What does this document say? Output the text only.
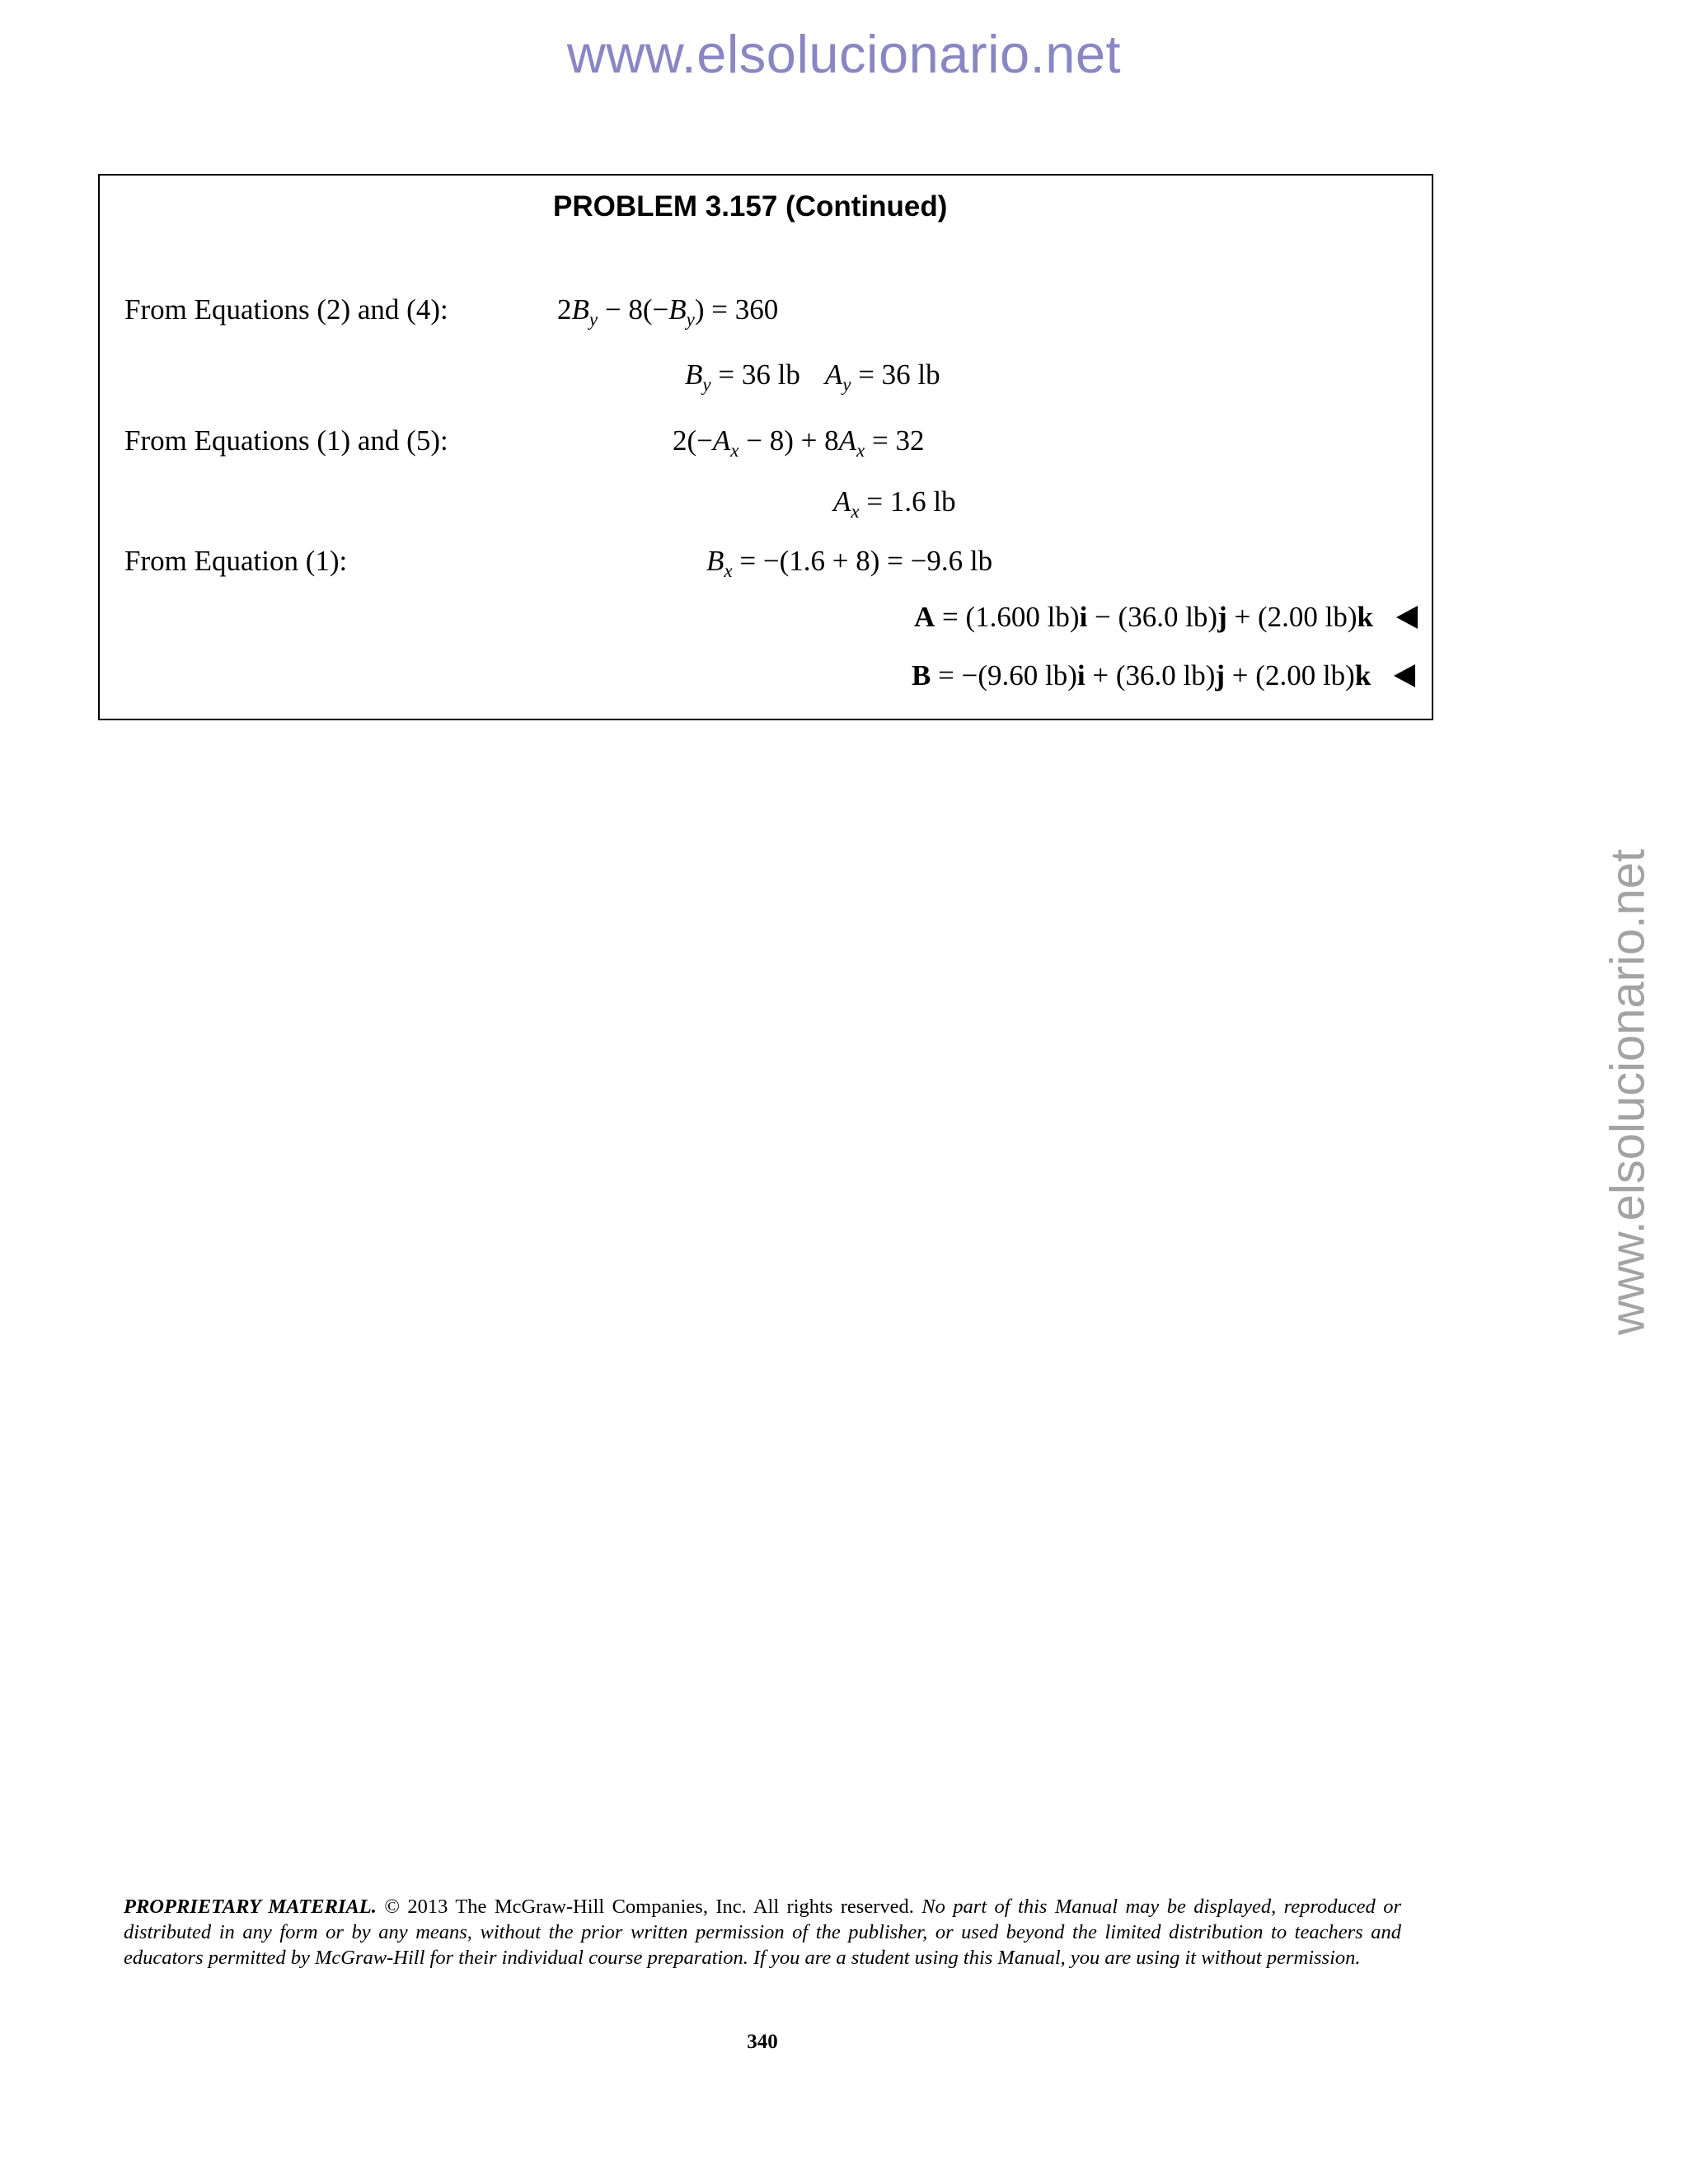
www.elsolucionario.net
www.elsolucionario.net
PROBLEM 3.157 (Continued)
From Equations (2) and (4):	$2B_y - 8(-B_y) = 360$
$B_y = 36$ lb $A_y = 36$ lb
From Equations (1) and (5):	$2(-A_x - 8) + 8A_x = 32$
$A_x = 1.6$ lb
From Equation (1):	$B_x = -(1.6 + 8) = -9.6$ lb
A = (1.600 lb)i − (36.0 lb)j + (2.00 lb)k
B = −(9.60 lb)i + (36.0 lb)j + (2.00 lb)k
PROPRIETARY MATERIAL. © 2013 The McGraw-Hill Companies, Inc. All rights reserved. No part of this Manual may be displayed, reproduced or distributed in any form or by any means, without the prior written permission of the publisher, or used beyond the limited distribution to teachers and educators permitted by McGraw-Hill for their individual course preparation. If you are a student using this Manual, you are using it without permission.
340
